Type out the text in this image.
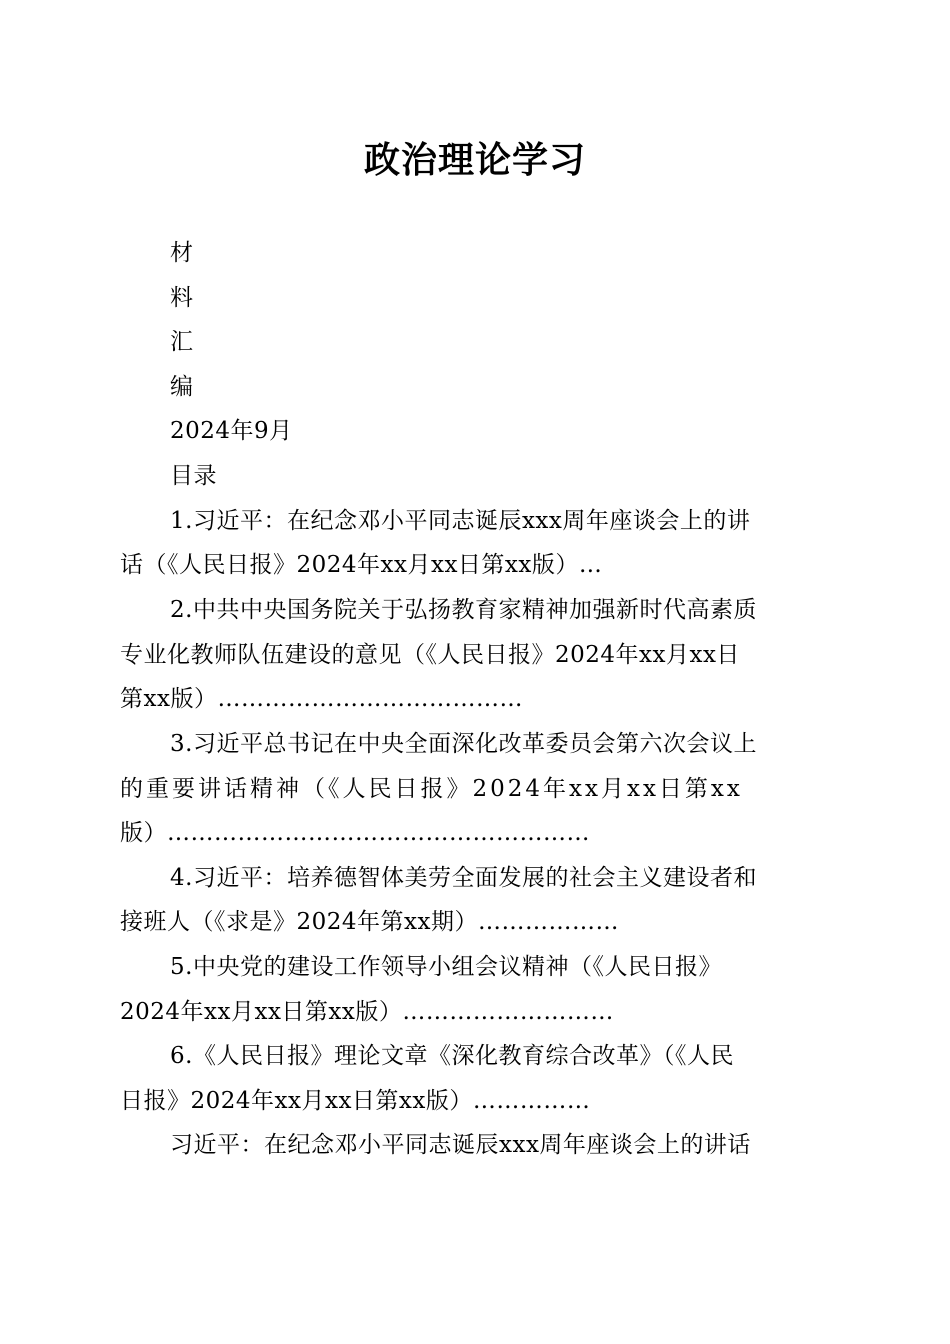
政治理论学习
材
料
汇
编
2024年9月
目录
1.习近平：在纪念邓小平同志诞辰xxx周年座谈会上的讲
话（《人民日报》2024年xx月xx日第xx版）…
2.中共中央国务院关于弘扬教育家精神加强新时代高素质
专业化教师队伍建设的意见（《人民日报》2024年xx月xx日
第xx版）…………………………………
3.习近平总书记在中央全面深化改革委员会第六次会议上
的重要讲话精神（《人民日报》2024年xx月xx日第xx
版）………………………………………………
4.习近平：培养德智体美劳全面发展的社会主义建设者和
接班人（《求是》2024年第xx期）………………
5.中央党的建设工作领导小组会议精神（《人民日报》
2024年xx月xx日第xx版）………………………
6.《人民日报》理论文章《深化教育综合改革》（《人民
日报》2024年xx月xx日第xx版）……………
习近平：在纪念邓小平同志诞辰xxx周年座谈会上的讲话
